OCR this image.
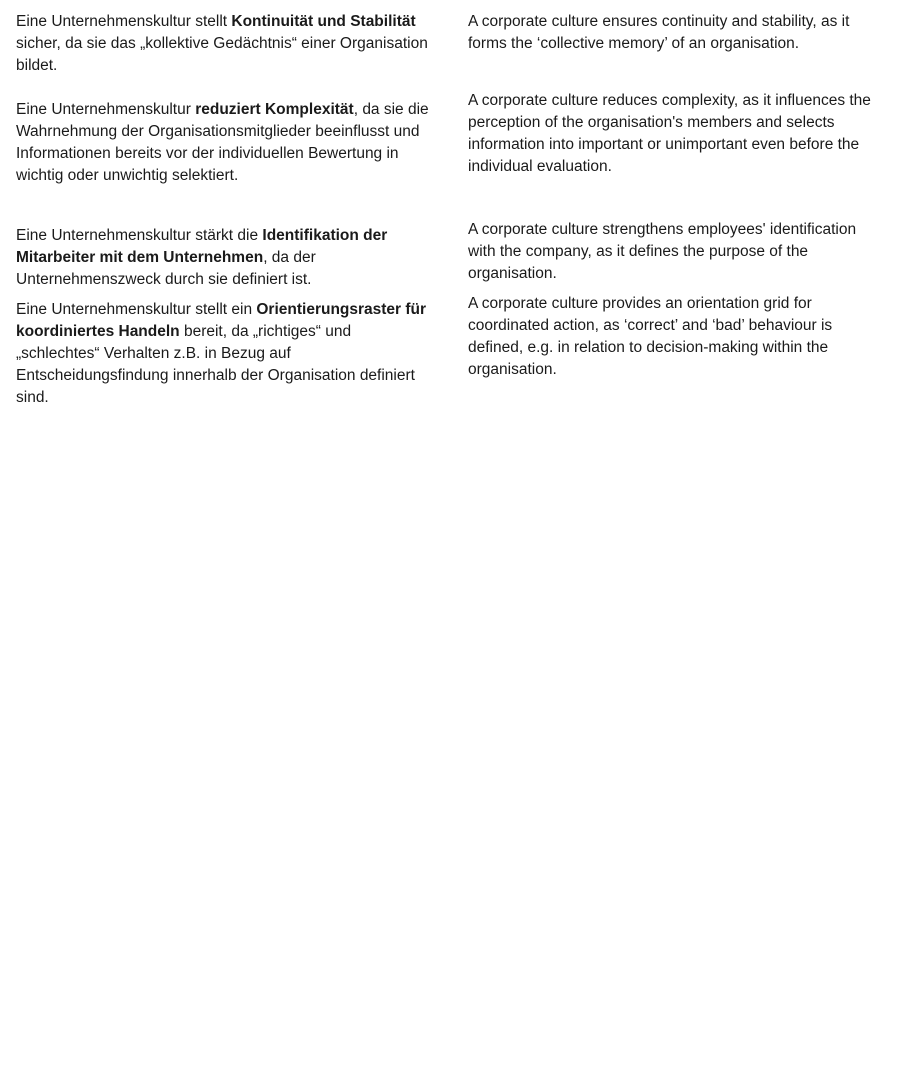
Eine Unternehmenskultur stellt Kontinuität und Stabilität sicher, da sie das „kollektive Gedächtnis“ einer Organisation bildet.

Eine Unternehmenskultur reduziert Komplexität, da sie die Wahrnehmung der Organisationsmitglieder beeinflusst und Informationen bereits vor der individuellen Bewertung in wichtig oder unwichtig selektiert.

Eine Unternehmenskultur stärkt die Identifikation der Mitarbeiter mit dem Unternehmen, da der Unternehmenszweck durch sie definiert ist.

Eine Unternehmenskultur stellt ein Orientierungsraster für koordiniertes Handeln bereit, da „richtiges“ und „schlechtes“ Verhalten z.B. in Bezug auf Entscheidungsfindung innerhalb der Organisation definiert sind.

A corporate culture ensures continuity and stability, as it forms the ‘collective memory’ of an organisation.

A corporate culture reduces complexity, as it influences the perception of the organisation's members and selects information into important or unimportant even before the individual evaluation.

A corporate culture strengthens employees' identification with the company, as it defines the purpose of the organisation.

A corporate culture provides an orientation grid for coordinated action, as ‘correct’ and ‘bad’ behaviour is defined, e.g. in relation to decision-making within the organisation.
